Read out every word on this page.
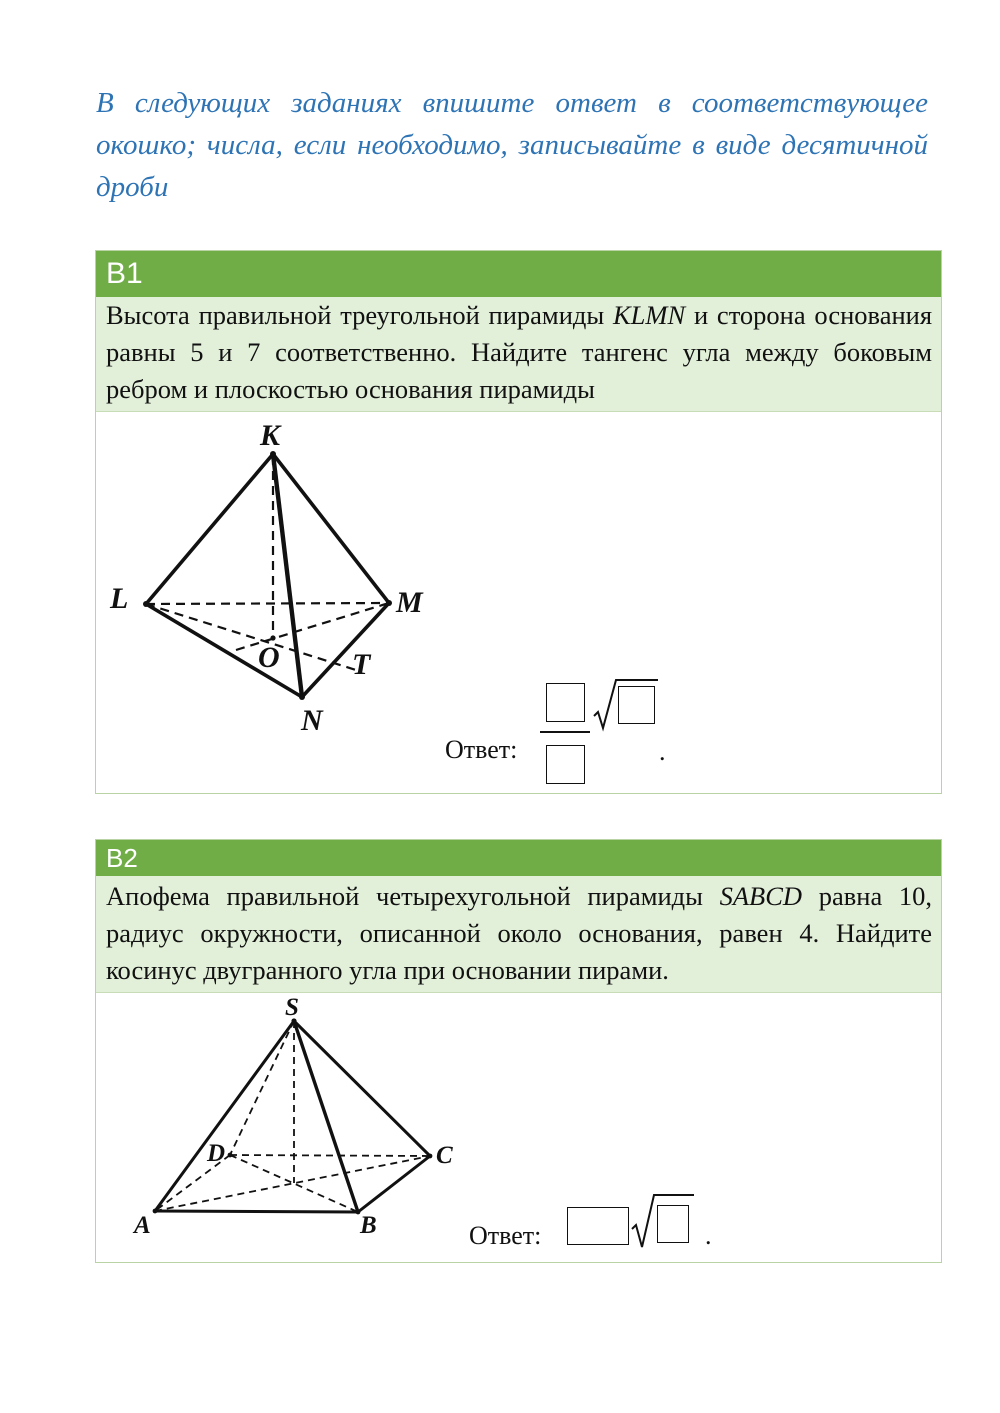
В следующих заданиях впишите ответ в соответствующее окошко; числа, если необходимо, записывайте в виде десятичной дроби
B1
Высота правильной треугольной пирамиды KLMN и сторона основания равны 5 и 7 соответственно. Найдите тангенс угла между боковым ребром и плоскостью основания пирамиды
K
L	M
N
O T
Ответ:	.
B2
Апофема правильной четырехугольной пирамиды SABCD равна 10, радиус окружности, описанной около основания, равен 4. Найдите косинус двугранного угла при основании пирами.
S
A	B
C
D
Ответ:	.
